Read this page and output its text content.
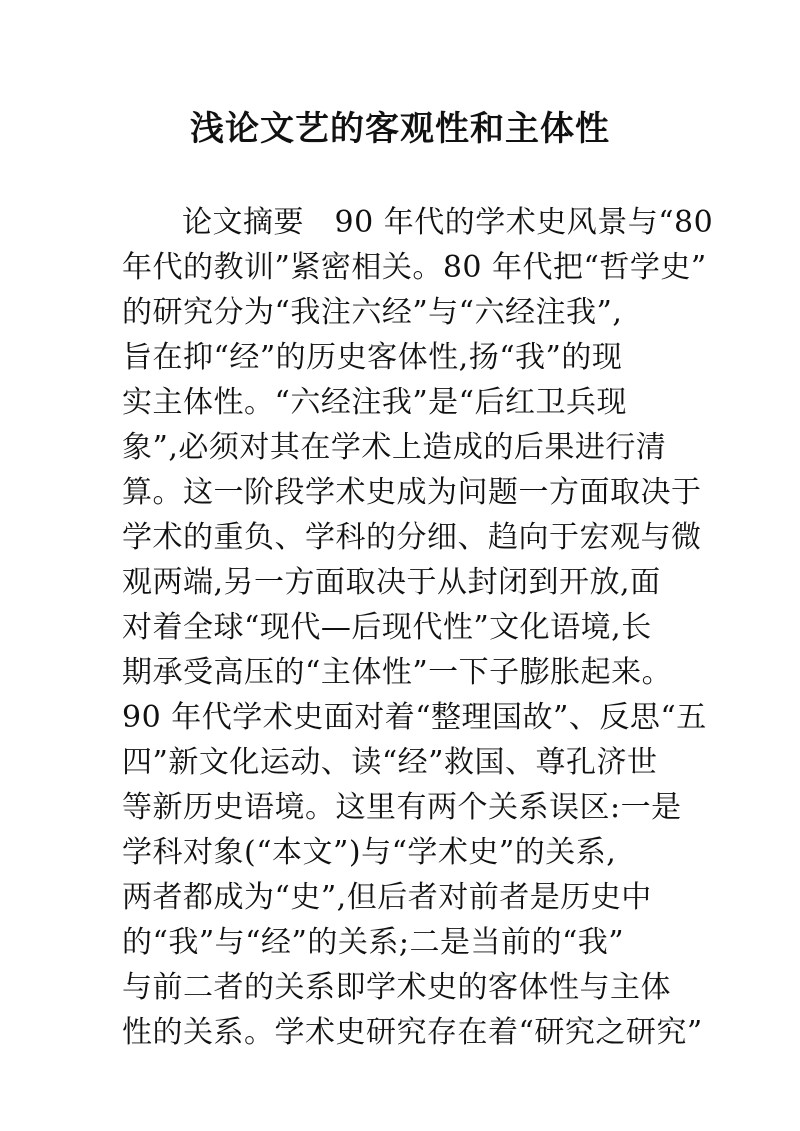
浅论文艺的客观性和主体性
论文摘要　90 年代的学术史风景与“80
年代的教训”紧密相关。80 年代把“哲学史”
的研究分为“我注六经”与“六经注我”,
旨在抑“经”的历史客体性,扬“我”的现
实主体性。“六经注我”是“后红卫兵现
象”,必须对其在学术上造成的后果进行清
算。这一阶段学术史成为问题一方面取决于
学术的重负、学科的分细、趋向于宏观与微
观两端,另一方面取决于从封闭到开放,面
对着全球“现代—后现代性”文化语境,长
期承受高压的“主体性”一下子膨胀起来。
90 年代学术史面对着“整理国故”、反思“五
四”新文化运动、读“经”救国、尊孔济世
等新历史语境。这里有两个关系误区:一是
学科对象(“本文”)与“学术史”的关系,
两者都成为“史”,但后者对前者是历史中
的“我”与“经”的关系;二是当前的“我”
与前二者的关系即学术史的客体性与主体
性的关系。学术史研究存在着“研究之研究”
